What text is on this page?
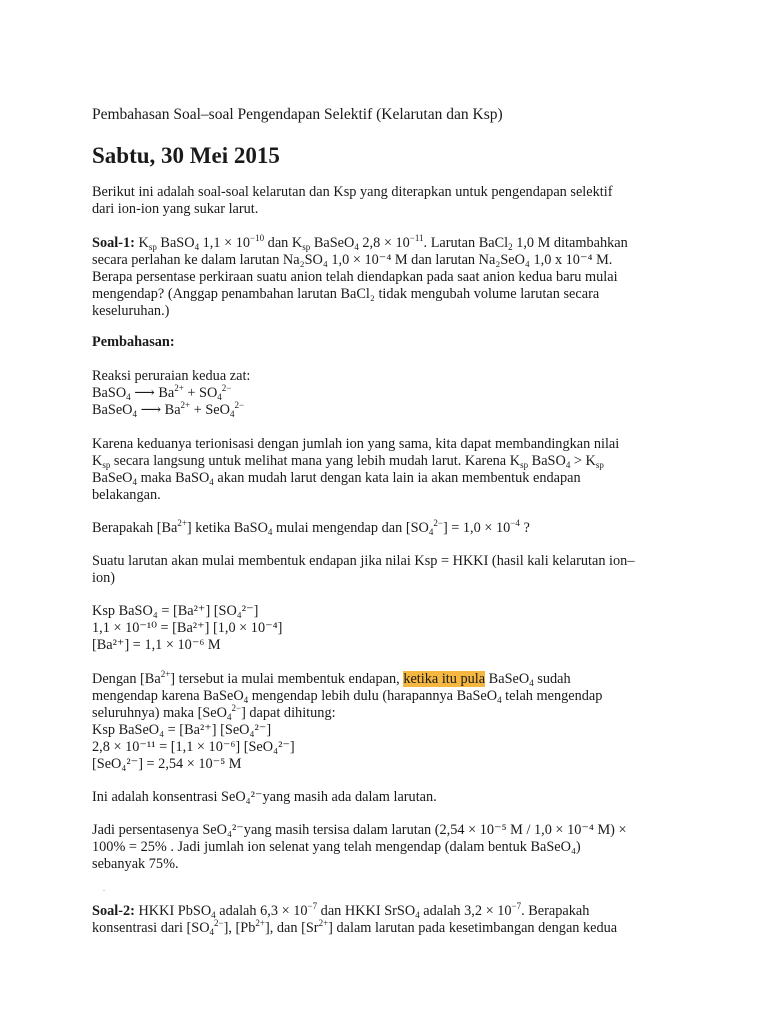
Pembahasan Soal–soal Pengendapan Selektif (Kelarutan dan Ksp)
Sabtu, 30 Mei 2015
Berikut ini adalah soal-soal kelarutan dan Ksp yang diterapkan untuk pengendapan selektif
dari ion-ion yang sukar larut.
Soal-1: $K_{sp}$ BaSO$_4$ $1,1 \times 10^{-10}$ dan $K_{sp}$ BaSeO$_4$ $2,8 \times 10^{-11}$. Larutan BaCl$_2$ 1,0 M ditambahkan
secara perlahan ke dalam larutan Na₂SO₄ 1,0 × 10⁻⁴ M dan larutan Na₂SeO₄ 1,0 x 10⁻⁴ M.
Berapa persentase perkiraan suatu anion telah diendapkan pada saat anion kedua baru mulai
mengendap? (Anggap penambahan larutan BaCl₂ tidak mengubah volume larutan secara
keseluruhan.)
Pembahasan:
Reaksi peruraian kedua zat:
BaSO$_4$ ⟶ $Ba^{2+} + SO_4^{2-}$
BaSeO$_4$ ⟶ $Ba^{2+} + SeO_4^{2-}$
Karena keduanya terionisasi dengan jumlah ion yang sama, kita dapat membandingkan nilai
$K_{sp}$ secara langsung untuk melihat mana yang lebih mudah larut. Karena $K_{sp}$ BaSO$_4$ > $K_{sp}$
BaSeO$_4$ maka BaSO$_4$ akan mudah larut dengan kata lain ia akan membentuk endapan
belakangan.
Berapakah $[Ba^{2+}]$ ketika BaSO$_4$ mulai mengendap dan $[SO_4^{2-}] = 1,0 \times 10^{-4}$ ?
Suatu larutan akan mulai membentuk endapan jika nilai Ksp = HKKI (hasil kali kelarutan ion–
ion)
Ksp BaSO₄ = [Ba²⁺] [SO₄²⁻]
1,1 × 10⁻¹⁰ = [Ba²⁺] [1,0 × 10⁻⁴]
[Ba²⁺] = 1,1 × 10⁻⁶ M
Dengan $[Ba^{2+}]$ tersebut ia mulai membentuk endapan, ketika itu pula BaSeO$_4$ sudah
mengendap karena BaSeO$_4$ mengendap lebih dulu (harapannya BaSeO$_4$ telah mengendap
seluruhnya) maka [SeO$_4^{2-}$] dapat dihitung:
Ksp BaSeO₄ = [Ba²⁺] [SeO₄²⁻]
2,8 × 10⁻¹¹ = [1,1 × 10⁻⁶] [SeO₄²⁻]
[SeO₄²⁻] = 2,54 × 10⁻⁵ M
Ini adalah konsentrasi SeO₄²⁻yang masih ada dalam larutan.
Jadi persentasenya SeO₄²⁻yang masih tersisa dalam larutan (2,54 × 10⁻⁵ M / 1,0 × 10⁻⁴ M) ×
100% = 25% . Jadi jumlah ion selenat yang telah mengendap (dalam bentuk BaSeO₄)
sebanyak 75%.
.
Soal-2: HKKI PbSO$_4$ adalah $6,3 \times 10^{-7}$ dan HKKI SrSO$_4$ adalah $3,2 \times 10^{-7}$. Berapakah
konsentrasi dari $[SO_4^{2-}]$, $[Pb^{2+}]$, dan $[Sr^{2+}]$ dalam larutan pada kesetimbangan dengan kedua
